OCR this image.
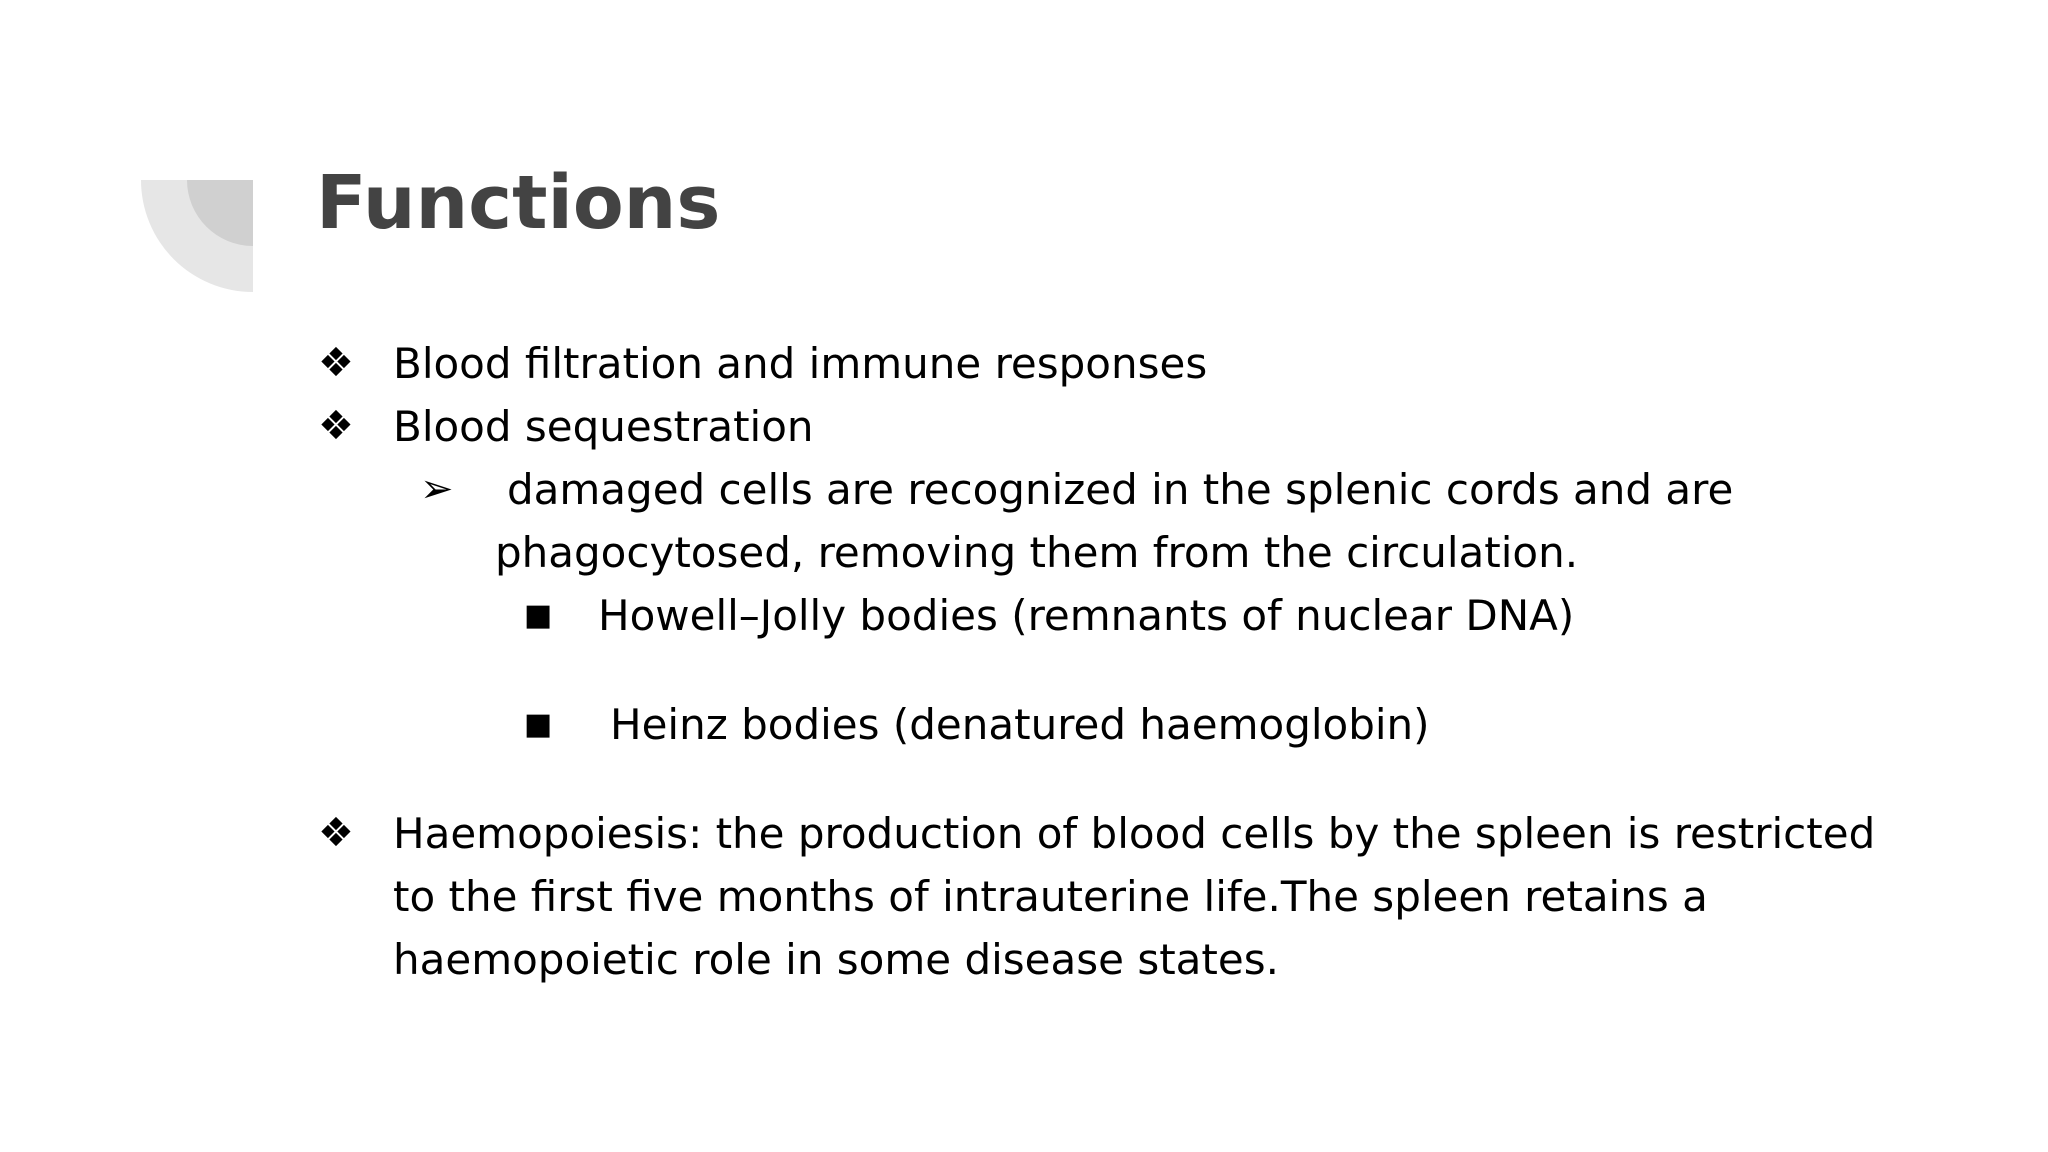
Functions
❖ Blood filtration and immune responses
❖ Blood sequestration
➢ damaged cells are recognized in the splenic cords and are
phagocytosed, removing them from the circulation.
■ Howell–Jolly bodies (remnants of nuclear DNA)
■ Heinz bodies (denatured haemoglobin)
❖ Haemopoiesis: the production of blood cells by the spleen is restricted
to the first five months of intrauterine life.The spleen retains a
haemopoietic role in some disease states.
